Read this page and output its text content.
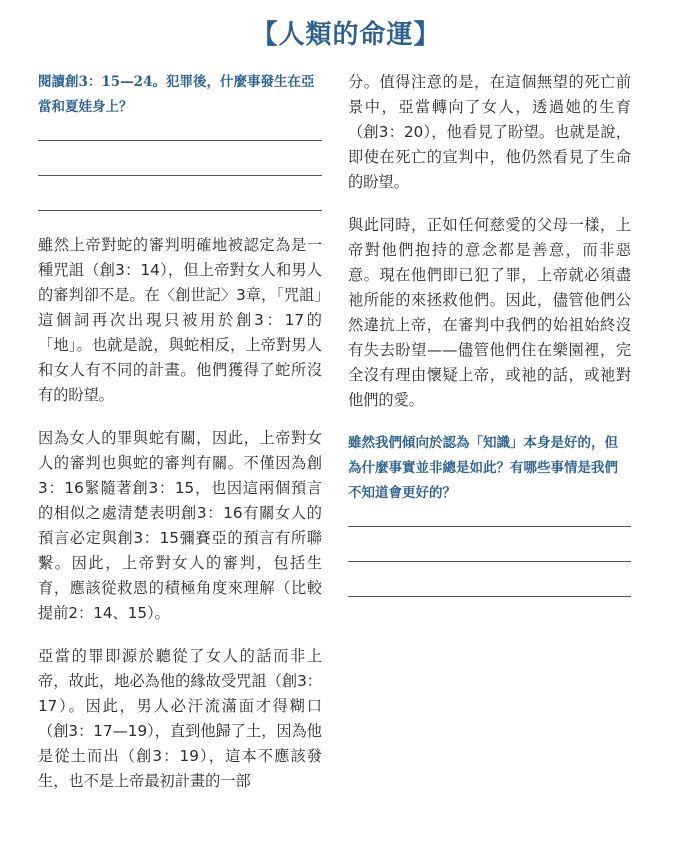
【人類的命運】

閱讀創3：15—24。犯罪後，什麼事發生在亞當和夏娃身上？

雖然上帝對蛇的審判明確地被認定為是一種咒詛（創3：14），但上帝對女人和男人的審判卻不是。在〈創世記〉3章，「咒詛」這個詞再次出現只被用於創3：17的「地」。也就是說，與蛇相反，上帝對男人和女人有不同的計畫。他們獲得了蛇所沒有的盼望。

因為女人的罪與蛇有關，因此，上帝對女人的審判也與蛇的審判有關。不僅因為創3：16緊隨著創3：15，也因這兩個預言的相似之處清楚表明創3：16有關女人的預言必定與創3：15彌賽亞的預言有所聯繫。因此，上帝對女人的審判，包括生育，應該從救恩的積極角度來理解（比較提前2：14、15）。

亞當的罪即源於聽從了女人的話而非上帝，故此，地必為他的緣故受咒詛（創3：17）。因此，男人必汗流滿面才得糊口（創3：17—19），直到他歸了土，因為他是從土而出（創3：19），這本不應該發生，也不是上帝最初計畫的一部

分。值得注意的是，在這個無望的死亡前景中，亞當轉向了女人，透過她的生育（創3：20），他看見了盼望。也就是說，即使在死亡的宣判中，他仍然看見了生命的盼望。

與此同時，正如任何慈愛的父母一樣，上帝對他們抱持的意念都是善意，而非惡意。現在他們即已犯了罪，上帝就必須盡祂所能的來拯救他們。因此，儘管他們公然違抗上帝，在審判中我們的始祖始終沒有失去盼望——儘管他們住在樂園裡，完全沒有理由懷疑上帝，或祂的話，或祂對他們的愛。

雖然我們傾向於認為「知識」本身是好的，但為什麼事實並非總是如此？有哪些事情是我們不知道會更好的？
